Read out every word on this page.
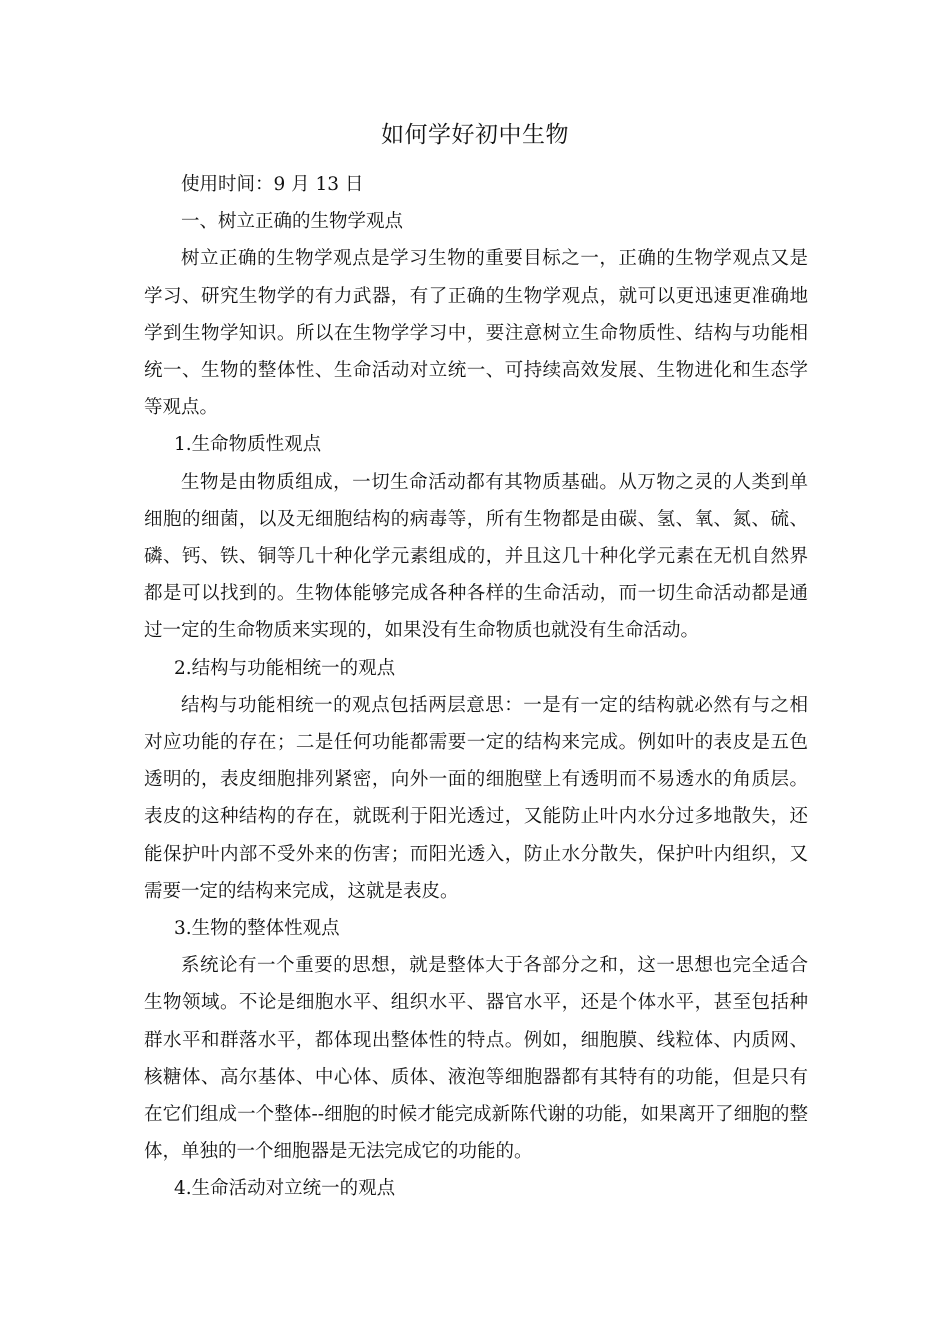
如何学好初中生物

使用时间：9 月 13 日

一、树立正确的生物学观点

树立正确的生物学观点是学习生物的重要目标之一，正确的生物学观点又是学习、研究生物学的有力武器，有了正确的生物学观点，就可以更迅速更准确地学到生物学知识。所以在生物学学习中，要注意树立生命物质性、结构与功能相统一、生物的整体性、生命活动对立统一、可持续高效发展、生物进化和生态学等观点。

1.生命物质性观点

生物是由物质组成，一切生命活动都有其物质基础。从万物之灵的人类到单细胞的细菌，以及无细胞结构的病毒等，所有生物都是由碳、氢、氧、氮、硫、磷、钙、铁、铜等几十种化学元素组成的，并且这几十种化学元素在无机自然界都是可以找到的。生物体能够完成各种各样的生命活动，而一切生命活动都是通过一定的生命物质来实现的，如果没有生命物质也就没有生命活动。

2.结构与功能相统一的观点

结构与功能相统一的观点包括两层意思：一是有一定的结构就必然有与之相对应功能的存在；二是任何功能都需要一定的结构来完成。例如叶的表皮是五色透明的，表皮细胞排列紧密，向外一面的细胞壁上有透明而不易透水的角质层。表皮的这种结构的存在，就既利于阳光透过，又能防止叶内水分过多地散失，还能保护叶内部不受外来的伤害；而阳光透入，防止水分散失，保护叶内组织，又需要一定的结构来完成，这就是表皮。

3.生物的整体性观点

系统论有一个重要的思想，就是整体大于各部分之和，这一思想也完全适合生物领域。不论是细胞水平、组织水平、器官水平，还是个体水平，甚至包括种群水平和群落水平，都体现出整体性的特点。例如，细胞膜、线粒体、内质网、核糖体、高尔基体、中心体、质体、液泡等细胞器都有其特有的功能，但是只有在它们组成一个整体--细胞的时候才能完成新陈代谢的功能，如果离开了细胞的整体，单独的一个细胞器是无法完成它的功能的。

4.生命活动对立统一的观点
